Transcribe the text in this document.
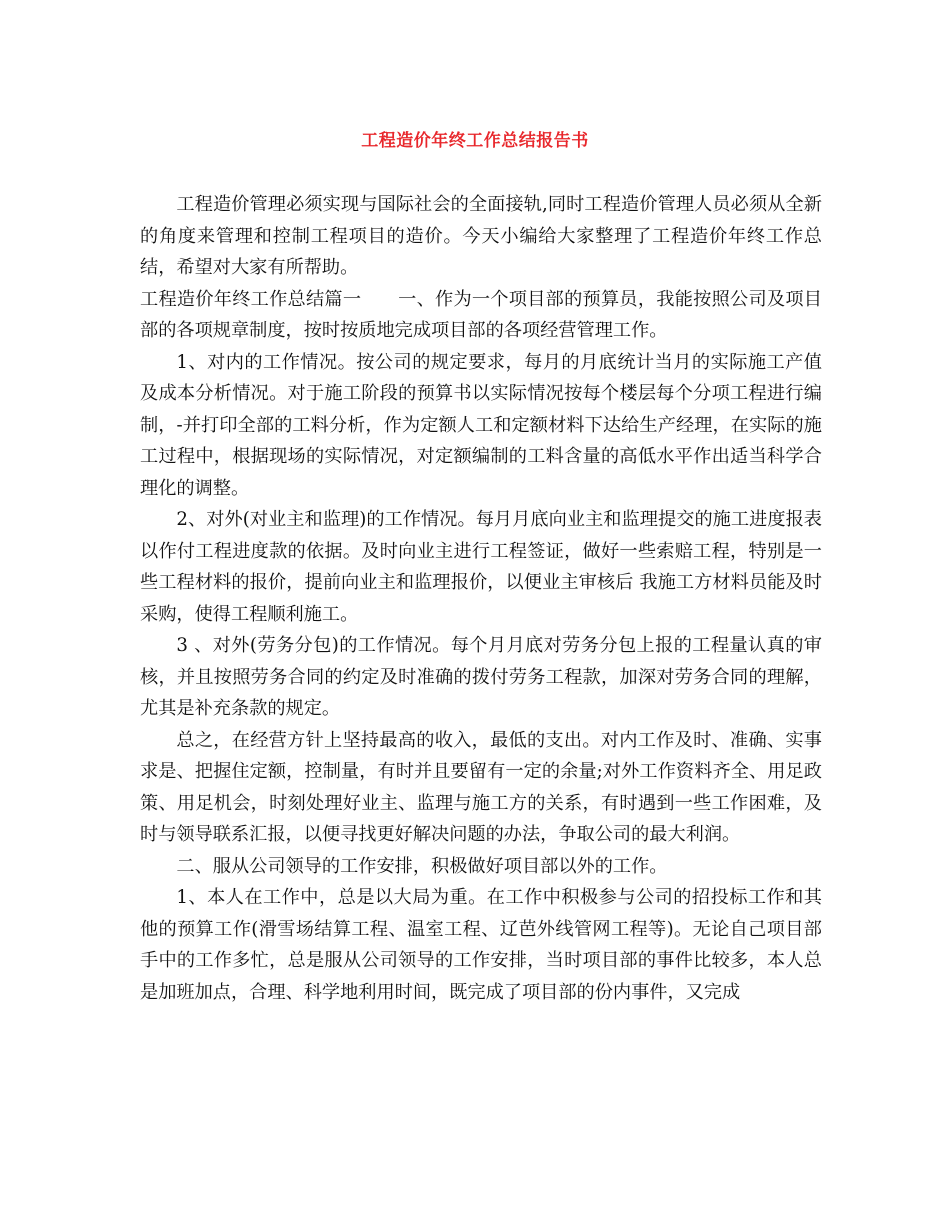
工程造价年终工作总结报告书

工程造价管理必须实现与国际社会的全面接轨,同时工程造价管理人员必须从全新的角度来管理和控制工程项目的造价。今天小编给大家整理了工程造价年终工作总结，希望对大家有所帮助。

工程造价年终工作总结篇一　　一、作为一个项目部的预算员，我能按照公司及项目部的各项规章制度，按时按质地完成项目部的各项经营管理工作。

1、对内的工作情况。按公司的规定要求，每月的月底统计当月的实际施工产值及成本分析情况。对于施工阶段的预算书以实际情况按每个楼层每个分项工程进行编制，-并打印全部的工料分析，作为定额人工和定额材料下达给生产经理，在实际的施工过程中，根据现场的实际情况，对定额编制的工料含量的高低水平作出适当科学合理化的调整。

2、对外(对业主和监理)的工作情况。每月月底向业主和监理提交的施工进度报表以作付工程进度款的依据。及时向业主进行工程签证，做好一些索赔工程，特别是一些工程材料的报价，提前向业主和监理报价，以便业主审核后 我施工方材料员能及时采购，使得工程顺利施工。

3 、对外(劳务分包)的工作情况。每个月月底对劳务分包上报的工程量认真的审核，并且按照劳务合同的约定及时准确的拨付劳务工程款，加深对劳务合同的理解，尤其是补充条款的规定。

总之，在经营方针上坚持最高的收入，最低的支出。对内工作及时、准确、实事求是、把握住定额，控制量，有时并且要留有一定的余量;对外工作资料齐全、用足政策、用足机会，时刻处理好业主、监理与施工方的关系，有时遇到一些工作困难，及时与领导联系汇报，以便寻找更好解决问题的办法，争取公司的最大利润。

二、服从公司领导的工作安排，积极做好项目部以外的工作。

1、本人在工作中，总是以大局为重。在工作中积极参与公司的招投标工作和其他的预算工作(滑雪场结算工程、温室工程、辽芭外线管网工程等)。无论自己项目部手中的工作多忙，总是服从公司领导的工作安排，当时项目部的事件比较多，本人总是加班加点，合理、科学地利用时间，既完成了项目部的份内事件，又完成
